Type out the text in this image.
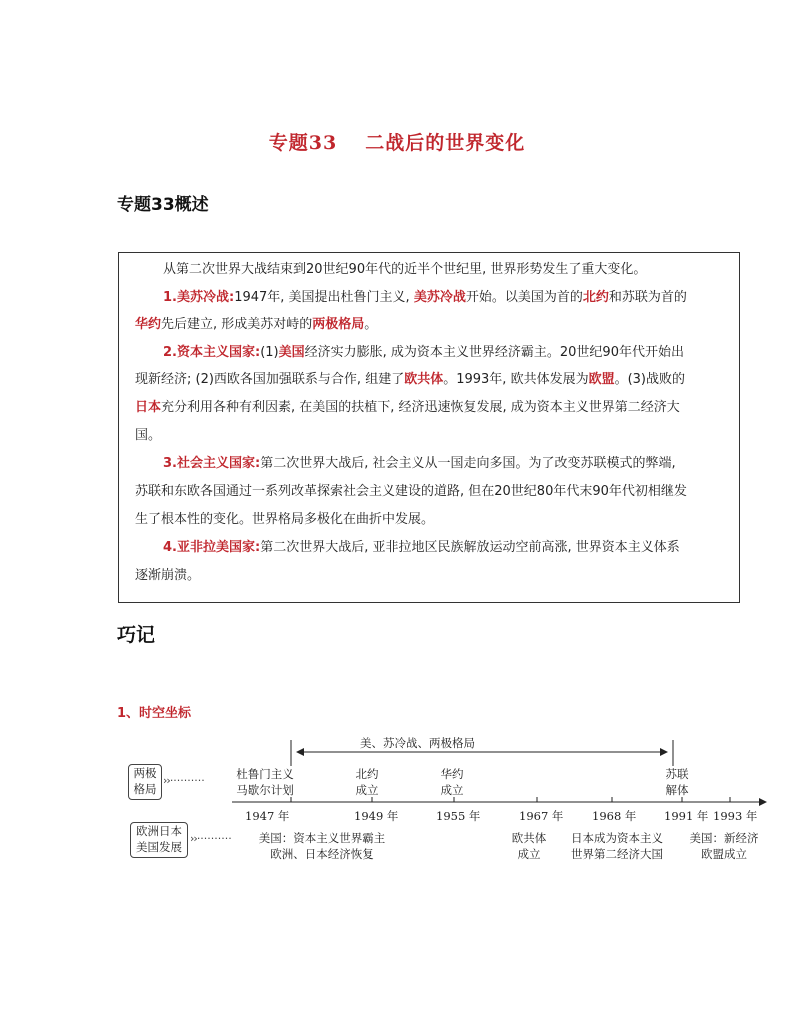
专题33 二战后的世界变化
专题33概述
从第二次世界大战结束到20世纪90年代的近半个世纪里, 世界形势发生了重大变化。
1.美苏冷战:1947年, 美国提出杜鲁门主义, 美苏冷战开始。以美国为首的北约和苏联为首的
华约先后建立, 形成美苏对峙的两极格局。
2.资本主义国家:(1)美国经济实力膨胀, 成为资本主义世界经济霸主。20世纪90年代开始出
现新经济; (2)西欧各国加强联系与合作, 组建了欧共体。1993年, 欧共体发展为欧盟。(3)战败的
日本充分利用各种有利因素, 在美国的扶植下, 经济迅速恢复发展, 成为资本主义世界第二经济大
国。
3.社会主义国家:第二次世界大战后, 社会主义从一国走向多国。为了改变苏联模式的弊端,
苏联和东欧各国通过一系列改革探索社会主义建设的道路, 但在20世纪80年代末90年代初相继发
生了根本性的变化。世界格局多极化在曲折中发展。
4.亚非拉美国家:第二次世界大战后, 亚非拉地区民族解放运动空前高涨, 世界资本主义体系
逐渐崩溃。
巧记
1、时空坐标
美、苏冷战、两极格局
两极
格局
››··········
欧洲日本
美国发展
››··········
杜鲁门主义
马歇尔计划
北约
成立
华约
成立
苏联
解体
1947 年	1949 年	1955 年	1967 年 1968 年 1991 年 1993 年
美国：资本主义世界霸主
欧洲、日本经济恢复
欧共体
成立
日本成为资本主义
世界第二经济大国
美国：新经济
欧盟成立
